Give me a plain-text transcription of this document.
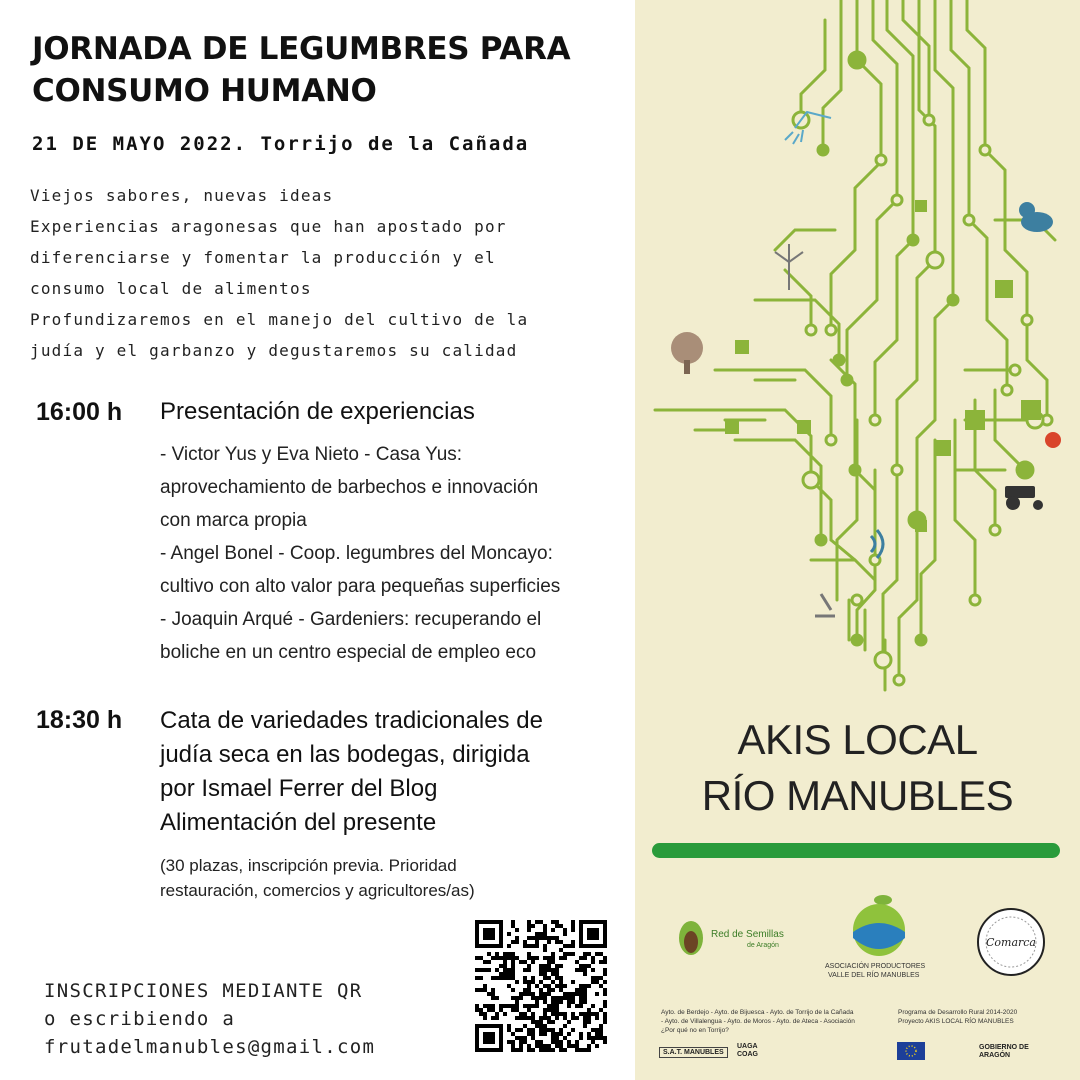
JORNADA DE LEGUMBRES PARA
CONSUMO HUMANO
21 DE MAYO 2022. Torrijo de la Cañada
Viejos sabores, nuevas ideas
Experiencias aragonesas que han apostado por
diferenciarse y fomentar la producción y el
consumo local de alimentos
Profundizaremos en el manejo del cultivo de la
judía y el garbanzo y degustaremos su calidad
16:00 h Presentación de experiencias
- Victor Yus y Eva Nieto - Casa Yus:
aprovechamiento de barbechos e innovación
con marca propia
- Angel Bonel - Coop. legumbres del Moncayo:
cultivo con alto valor para pequeñas superficies
- Joaquin Arqué - Gardeniers: recuperando el
boliche en un centro especial de empleo eco
18:30 h Cata de variedades tradicionales de
judía seca en las bodegas, dirigida
por Ismael Ferrer del Blog
Alimentación del presente
(30 plazas, inscripción previa. Prioridad
restauración, comercios y agricultores/as)
INSCRIPCIONES MEDIANTE QR
o escribiendo a
frutadelmanubles@gmail.com
AKIS LOCAL
RÍO MANUBLES
Red de Semillas
de Aragón
ASOCIACIÓN PRODUCTORES
VALLE DEL RÍO MANUBLES
Comarca
Ayto. de Berdejo - Ayto. de Bijuesca - Ayto. de Torrijo de la Cañada
- Ayto. de Villalengua - Ayto. de Moros - Ayto. de Ateca - Asociación
¿Por qué no en Torrijo?
Programa de Desarrollo Rural 2014-2020
Proyecto AKIS LOCAL RÍO MANUBLES
S.A.T. MANUBLES
UAGA COAG
GOBIERNO DE ARAGÓN
